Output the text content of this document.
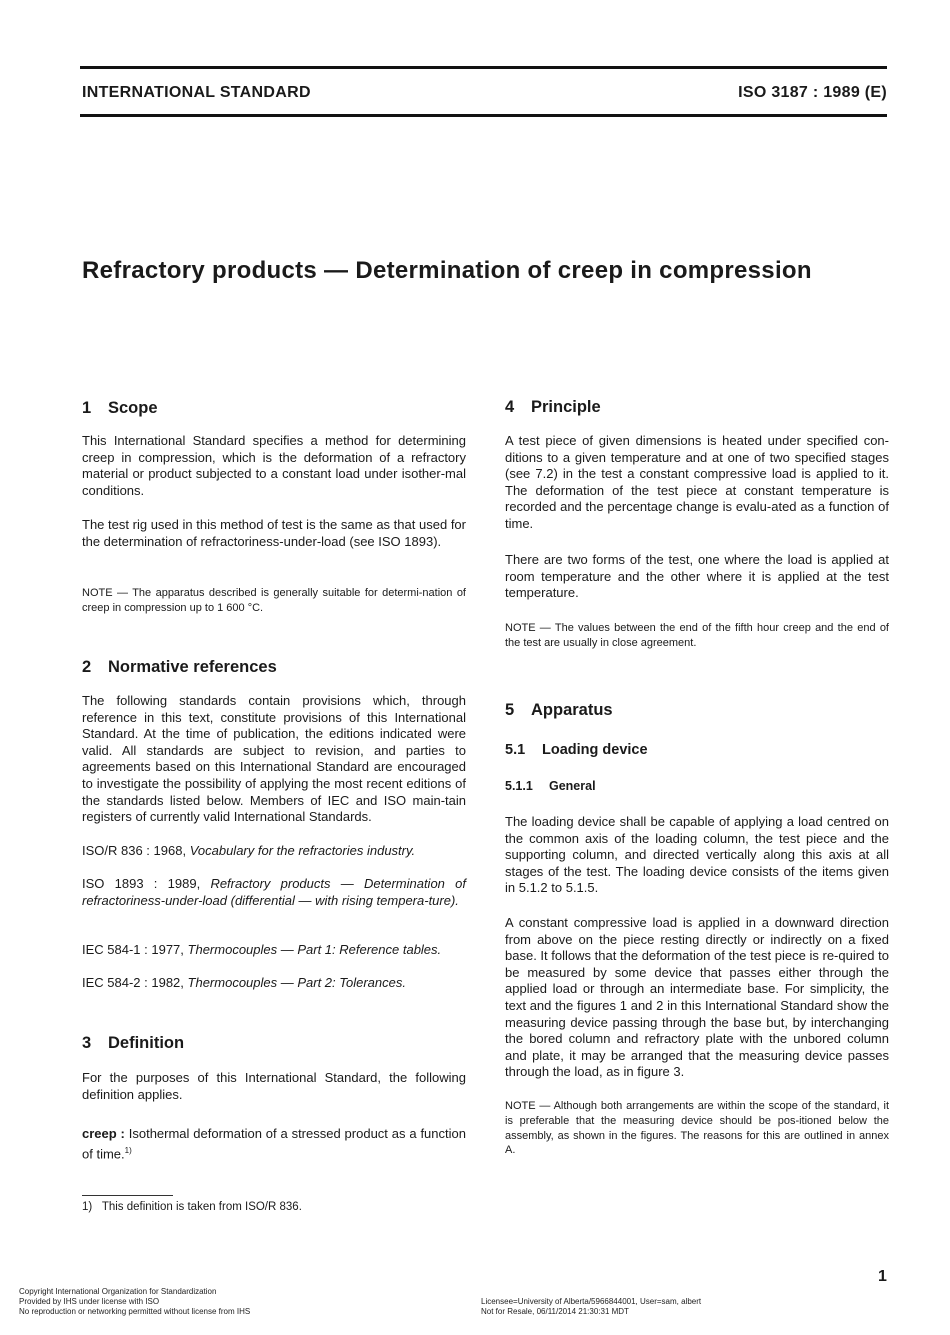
INTERNATIONAL STANDARD	ISO 3187 : 1989 (E)
Refractory products — Determination of creep in compression
1 Scope

This International Standard specifies a method for determining creep in compression, which is the deformation of a refractory material or product subjected to a constant load under isother-mal conditions.

The test rig used in this method of test is the same as that used for the determination of refractoriness-under-load (see ISO 1893).

NOTE — The apparatus described is generally suitable for determi-nation of creep in compression up to 1 600 °C.

2 Normative references

The following standards contain provisions which, through reference in this text, constitute provisions of this International Standard. At the time of publication, the editions indicated were valid. All standards are subject to revision, and parties to agreements based on this International Standard are encouraged to investigate the possibility of applying the most recent editions of the standards listed below. Members of IEC and ISO main-tain registers of currently valid International Standards.

ISO/R 836 : 1968, Vocabulary for the refractories industry.

ISO 1893 : 1989, Refractory products — Determination of refractoriness-under-load (differential — with rising tempera-ture).

IEC 584-1 : 1977, Thermocouples — Part 1: Reference tables.

IEC 584-2 : 1982, Thermocouples — Part 2: Tolerances.

3 Definition

For the purposes of this International Standard, the following definition applies.

creep : Isothermal deformation of a stressed product as a function of time.$^{1)}$

1) This definition is taken from ISO/R 836.
4 Principle

A test piece of given dimensions is heated under specified con-ditions to a given temperature and at one of two specified stages (see 7.2) in the test a constant compressive load is applied to it. The deformation of the test piece at constant temperature is recorded and the percentage change is evalu-ated as a function of time.

There are two forms of the test, one where the load is applied at room temperature and the other where it is applied at the test temperature.

NOTE — The values between the end of the fifth hour creep and the end of the test are usually in close agreement.

5 Apparatus
5.1 Loading device
5.1.1 General

The loading device shall be capable of applying a load centred on the common axis of the loading column, the test piece and the supporting column, and directed vertically along this axis at all stages of the test. The loading device consists of the items given in 5.1.2 to 5.1.5.

A constant compressive load is applied in a downward direction from above on the piece resting directly or indirectly on a fixed base. It follows that the deformation of the test piece is re-quired to be measured by some device that passes either through the applied load or through an intermediate base. For simplicity, the text and the figures 1 and 2 in this International Standard show the measuring device passing through the base but, by interchanging the bored column and refractory plate with the unbored column and plate, it may be arranged that the measuring device passes through the load, as in figure 3.

NOTE — Although both arrangements are within the scope of the standard, it is preferable that the measuring device should be pos-itioned below the assembly, as shown in the figures. The reasons for this are outlined in annex A.

1
Copyright International Organization for Standardization
Provided by IHS under license with ISO
No reproduction or networking permitted without license from IHS
Licensee=University of Alberta/5966844001, User=sam, albert
Not for Resale, 06/11/2014 21:30:31 MDT
